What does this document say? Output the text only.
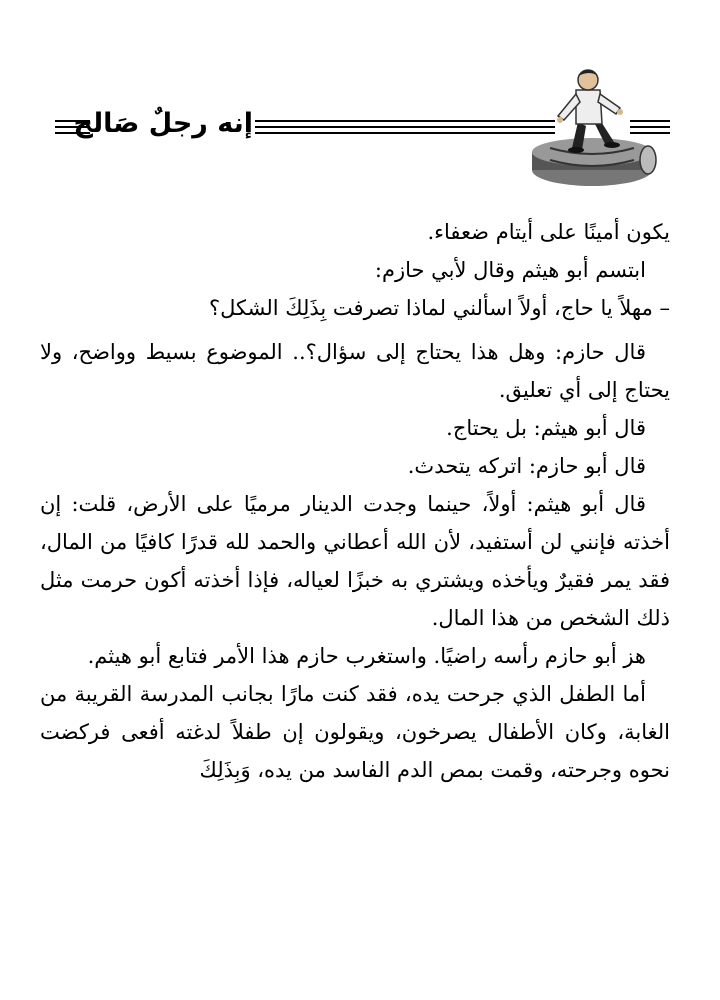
إنه رجلٌ صَالح

يكون أمينًا على أيتام ضعفاء.

ابتسم أبو هيثم وقال لأبي حازم:

– مهلاً يا حاج، أولاً اسألني لماذا تصرفت بِذَلِكَ الشكل؟

قال حازم: وهل هذا يحتاج إلى سؤال؟.. الموضوع بسيط وواضح، ولا يحتاج إلى أي تعليق.

قال أبو هيثم: بل يحتاج.

قال أبو حازم: اتركه يتحدث.

قال أبو هيثم: أولاً، حينما وجدت الدينار مرميًا على الأرض، قلت: إن أخذته فإنني لن أستفيد، لأن الله أعطاني والحمد لله قدرًا كافيًا من المال، فقد يمر فقيرٌ ويأخذه ويشتري به خبزًا لعياله، فإذا أخذته أكون حرمت مثل ذلك الشخص من هذا المال.

هز أبو حازم رأسه راضيًا. واستغرب حازم هذا الأمر فتابع أبو هيثم.

أما الطفل الذي جرحت يده، فقد كنت مارًا بجانب المدرسة القريبة من الغابة، وكان الأطفال يصرخون، ويقولون إن طفلاً لدغته أفعى فركضت نحوه وجرحته، وقمت بمص الدم الفاسد من يده، وَبِذَلِكَ
